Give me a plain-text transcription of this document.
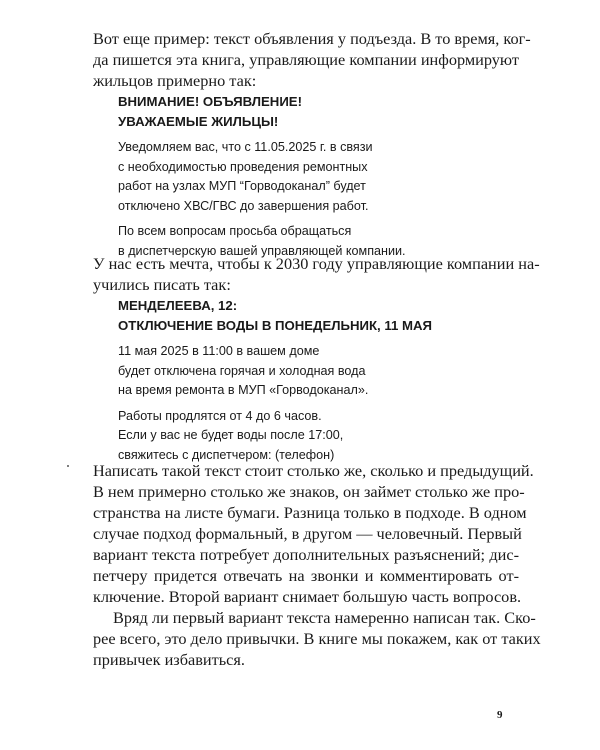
Вот еще пример: текст объявления у подъезда. В то время, ког-
да пишется эта книга, управляющие компании информируют
жильцов примерно так:
ВНИМАНИЕ! ОБЪЯВЛЕНИЕ!
УВАЖАЕМЫЕ ЖИЛЬЦЫ!
Уведомляем вас, что с 11.05.2025 г. в связи
с необходимостью проведения ремонтных
работ на узлах МУП “Горводоканал” будет
отключено ХВС/ГВС до завершения работ.
По всем вопросам просьба обращаться
в диспетчерскую вашей управляющей компании.
У нас есть мечта, чтобы к 2030 году управляющие компании на-
учились писать так:
МЕНДЕЛЕЕВА, 12:
ОТКЛЮЧЕНИЕ ВОДЫ В ПОНЕДЕЛЬНИК, 11 МАЯ
11 мая 2025 в 11:00 в вашем доме
будет отключена горячая и холодная вода
на время ремонта в МУП «Горводоканал».
Работы продлятся от 4 до 6 часов.
Если у вас не будет воды после 17:00,
свяжитесь с диспетчером: (телефон)
Написать такой текст стоит столько же, сколько и предыдущий.
В нем примерно столько же знаков, он займет столько же про-
странства на листе бумаги. Разница только в подходе. В одном
случае подход формальный, в другом — человечный. Первый
вариант текста потребует дополнительных разъяснений; дис-
петчеру придется отвечать на звонки и комментировать от-
ключение. Второй вариант снимает большую часть вопросов.
Вряд ли первый вариант текста намеренно написан так. Ско-
рее всего, это дело привычки. В книге мы покажем, как от таких
привычек избавиться.
9
